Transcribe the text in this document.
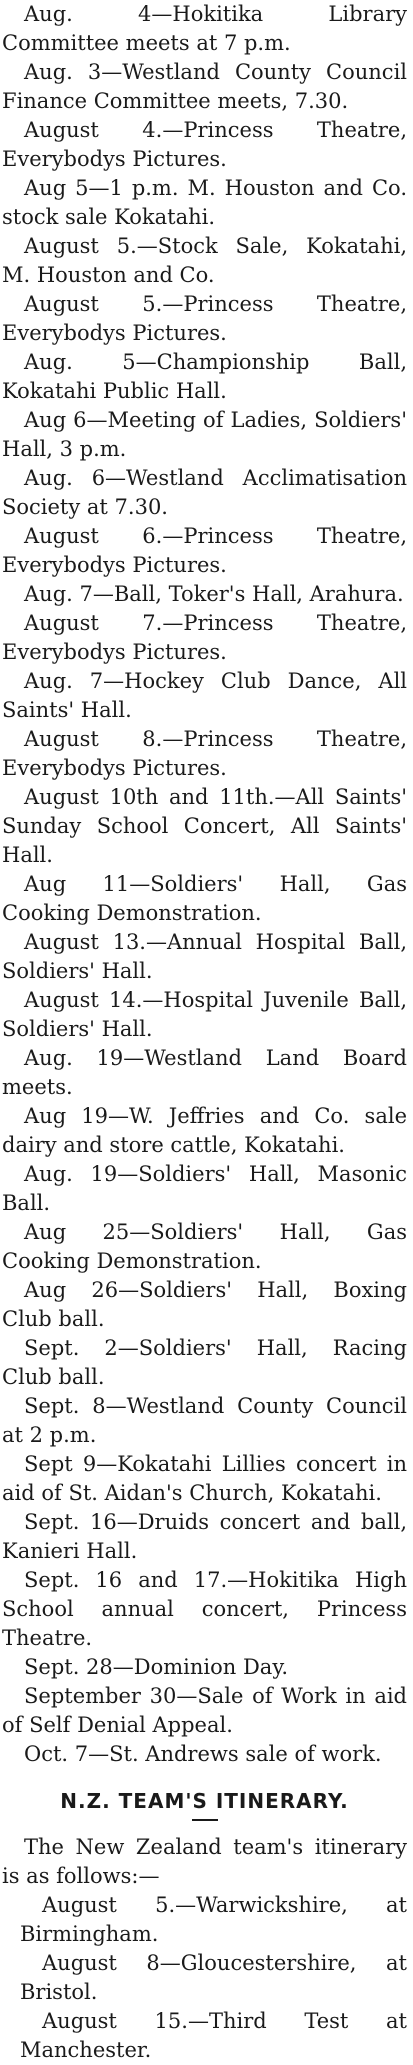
Aug. 4—Hokitika Library Committee meets at 7 p.m.

Aug. 3—Westland County Council Finance Committee meets, 7.30.

August 4.—Princess Theatre, Everybodys Pictures.

Aug 5—1 p.m. M. Houston and Co. stock sale Kokatahi.

August 5.—Stock Sale, Kokatahi, M. Houston and Co.

August 5.—Princess Theatre, Everybodys Pictures.

Aug. 5—Championship Ball, Kokatahi Public Hall.

Aug 6—Meeting of Ladies, Soldiers' Hall, 3 p.m.

Aug. 6—Westland Acclimatisation Society at 7.30.

August 6.—Princess Theatre, Everybodys Pictures.

Aug. 7—Ball, Toker's Hall, Arahura.

August 7.—Princess Theatre, Everybodys Pictures.

Aug. 7—Hockey Club Dance, All Saints' Hall.

August 8.—Princess Theatre, Everybodys Pictures.

August 10th and 11th.—All Saints' Sunday School Concert, All Saints' Hall.

Aug 11—Soldiers' Hall, Gas Cooking Demonstration.

August 13.—Annual Hospital Ball, Soldiers' Hall.

August 14.—Hospital Juvenile Ball, Soldiers' Hall.

Aug. 19—Westland Land Board meets.

Aug 19—W. Jeffries and Co. sale dairy and store cattle, Kokatahi.

Aug. 19—Soldiers' Hall, Masonic Ball.

Aug 25—Soldiers' Hall, Gas Cooking Demonstration.

Aug 26—Soldiers' Hall, Boxing Club ball.

Sept. 2—Soldiers' Hall, Racing Club ball.

Sept. 8—Westland County Council at 2 p.m.

Sept 9—Kokatahi Lillies concert in aid of St. Aidan's Church, Kokatahi.

Sept. 16—Druids concert and ball, Kanieri Hall.

Sept. 16 and 17.—Hokitika High School annual concert, Princess Theatre.

Sept. 28—Dominion Day.

September 30—Sale of Work in aid of Self Denial Appeal.

Oct. 7—St. Andrews sale of work.

N.Z. TEAM'S ITINERARY.

The New Zealand team's itinerary is as follows:—

August 5.—Warwickshire, at Birmingham.

August 8—Gloucestershire, at Bristol.

August 15.—Third Test at Manchester.
